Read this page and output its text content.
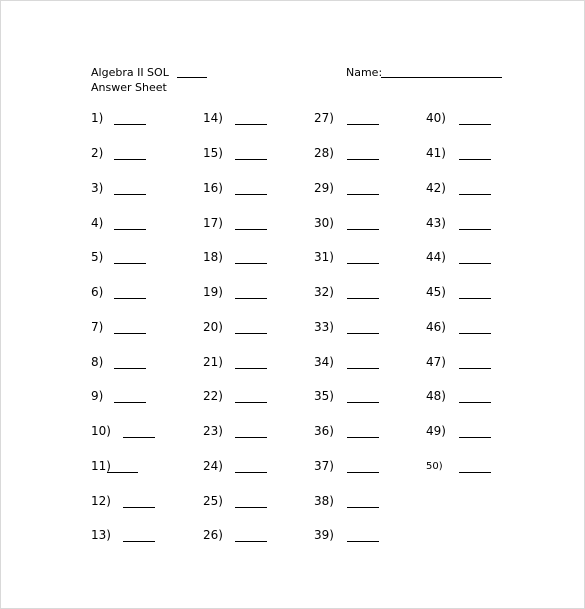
Algebra II SOL
Answer Sheet
Name:
1)
2)
3)
4)
5)
6)
7)
8)
9)
10)
11)
12)
13)
14)
15)
16)
17)
18)
19)
20)
21)
22)
23)
24)
25)
26)
27)
28)
29)
30)
31)
32)
33)
34)
35)
36)
37)
38)
39)
40)
41)
42)
43)
44)
45)
46)
47)
48)
49)
50)
